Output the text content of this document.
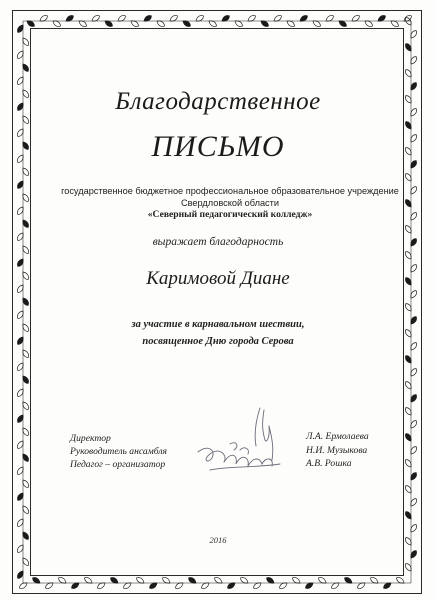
Благодарственное
ПИСЬМО
государственное бюджетное профессиональное образовательное учреждение
Свердловской области
«Северный педагогический колледж»
выражает благодарность
Каримовой Диане
за участие в карнавальном шествии,
посвященное Дню города Серова
Директор
Руководитель ансамбля
Педагог – организатор
Л.А. Ермолаева
Н.И. Музыкова
А.В. Рошка
2016
